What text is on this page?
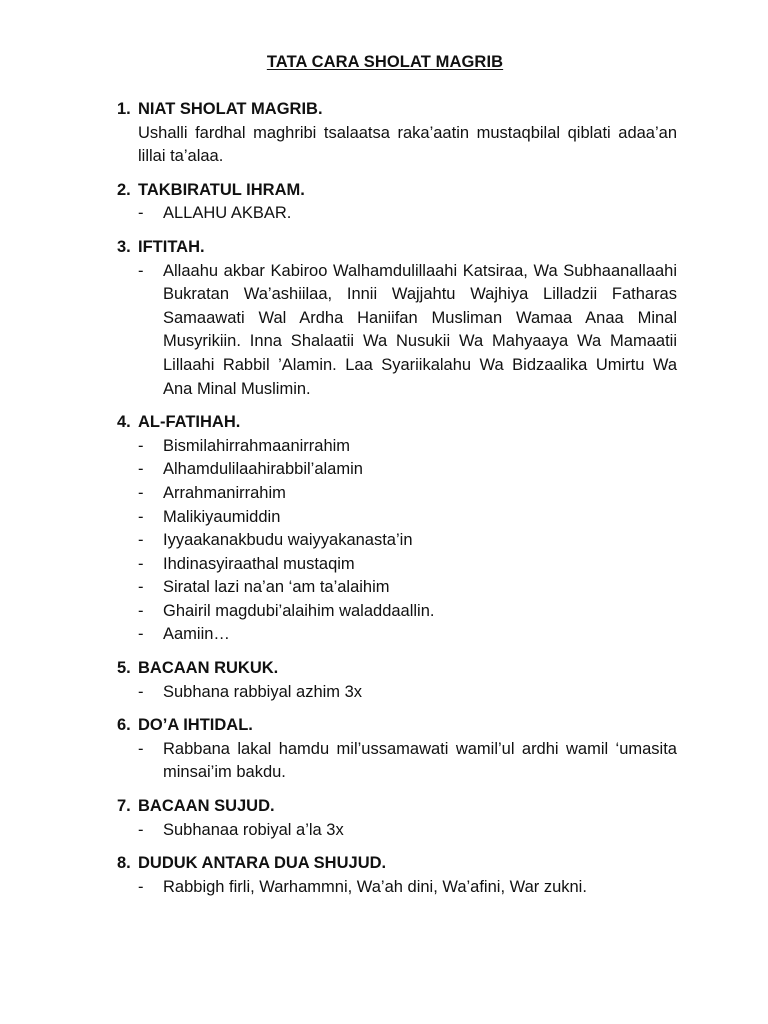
TATA CARA SHOLAT MAGRIB
1. NIAT SHOLAT MAGRIB.
Ushalli fardhal maghribi tsalaatsa raka’aatin mustaqbilal qiblati adaa’an lillai ta’alaa.
2. TAKBIRATUL IHRAM.
- ALLAHU AKBAR.
3. IFTITAH.
- Allaahu akbar Kabiroo Walhamdulillaahi Katsiraa, Wa Subhaanallaahi Bukratan Wa’ashiilaa, Innii Wajjahtu Wajhiya Lilladzii Fatharas Samaawati Wal Ardha Haniifan Musliman Wamaa Anaa Minal Musyrikiin. Inna Shalaatii Wa Nusukii Wa Mahyaaya Wa Mamaatii Lillaahi Rabbil ’Alamin. Laa Syariikalahu Wa Bidzaalika Umirtu Wa Ana Minal Muslimin.
4. AL-FATIHAH.
- Bismilahirrahmaanirrahim
- Alhamdulilaahirabbil’alamin
- Arrahmanirrahim
- Malikiyaumiddin
- Iyyaakanakbudu waiyyakanasta’in
- Ihdinasyiraathal mustaqim
- Siratal lazi na’an ‘am ta’alaihim
- Ghairil magdubi’alaihim waladdaallin.
- Aamiin…
5. BACAAN RUKUK.
- Subhana rabbiyal azhim 3x
6. DO’A IHTIDAL.
- Rabbana lakal hamdu mil’ussamawati wamil’ul ardhi wamil ‘umasita minsai’im bakdu.
7. BACAAN SUJUD.
- Subhanaa robiyal a’la 3x
8. DUDUK ANTARA DUA SHUJUD.
- Rabbigh firli, Warhammni, Wa’ah dini, Wa’afini, War zukni.
